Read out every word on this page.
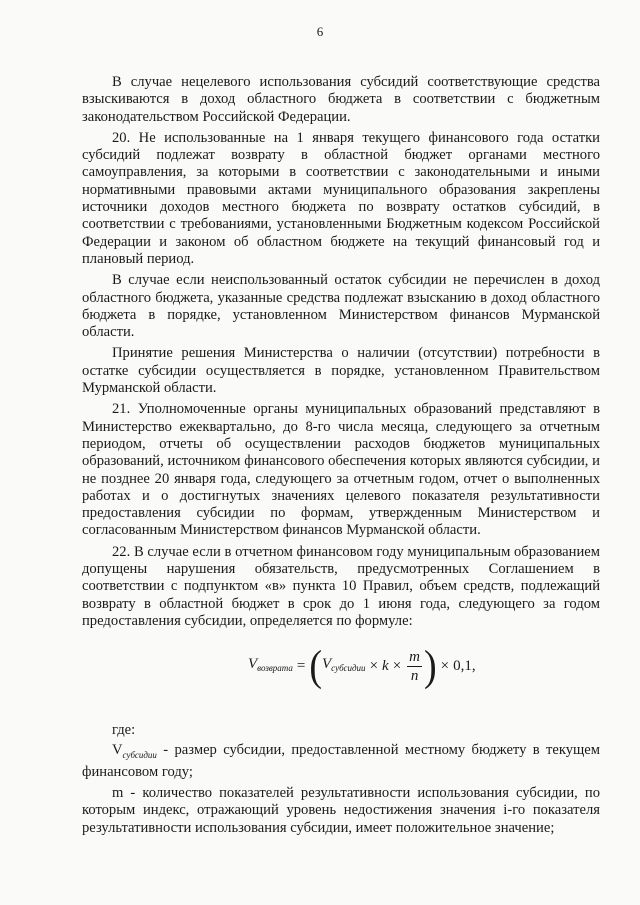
6

В случае нецелевого использования субсидий соответствующие средства взыскиваются в доход областного бюджета в соответствии с бюджетным законодательством Российской Федерации.

20. Не использованные на 1 января текущего финансового года остатки субсидий подлежат возврату в областной бюджет органами местного самоуправления, за которыми в соответствии с законодательными и иными нормативными правовыми актами муниципального образования закреплены источники доходов местного бюджета по возврату остатков субсидий, в соответствии с требованиями, установленными Бюджетным кодексом Российской Федерации и законом об областном бюджете на текущий финансовый год и плановый период.

В случае если неиспользованный остаток субсидии не перечислен в доход областного бюджета, указанные средства подлежат взысканию в доход областного бюджета в порядке, установленном Министерством финансов Мурманской области.

Принятие решения Министерства о наличии (отсутствии) потребности в остатке субсидии осуществляется в порядке, установленном Правительством Мурманской области.

21. Уполномоченные органы муниципальных образований представляют в Министерство ежеквартально, до 8-го числа месяца, следующего за отчетным периодом, отчеты об осуществлении расходов бюджетов муниципальных образований, источником финансового обеспечения которых являются субсидии, и не позднее 20 января года, следующего за отчетным годом, отчет о выполненных работах и о достигнутых значениях целевого показателя результативности предоставления субсидии по формам, утвержденным Министерством и согласованным Министерством финансов Мурманской области.

22. В случае если в отчетном финансовом году муниципальным образованием допущены нарушения обязательств, предусмотренных Соглашением в соответствии с подпунктом «в» пункта 10 Правил, объем средств, подлежащий возврату в областной бюджет в срок до 1 июня года, следующего за годом предоставления субсидии, определяется по формуле:

$V_{возврата}$ = ( $V_{субсидии} \times k \times \frac{m}{n}$ ) × 0,1,

где:

$V_{субсидии}$ - размер субсидии, предоставленной местному бюджету в текущем финансовом году;

m - количество показателей результативности использования субсидии, по которым индекс, отражающий уровень недостижения значения i-го показателя результативности использования субсидии, имеет положительное значение;
